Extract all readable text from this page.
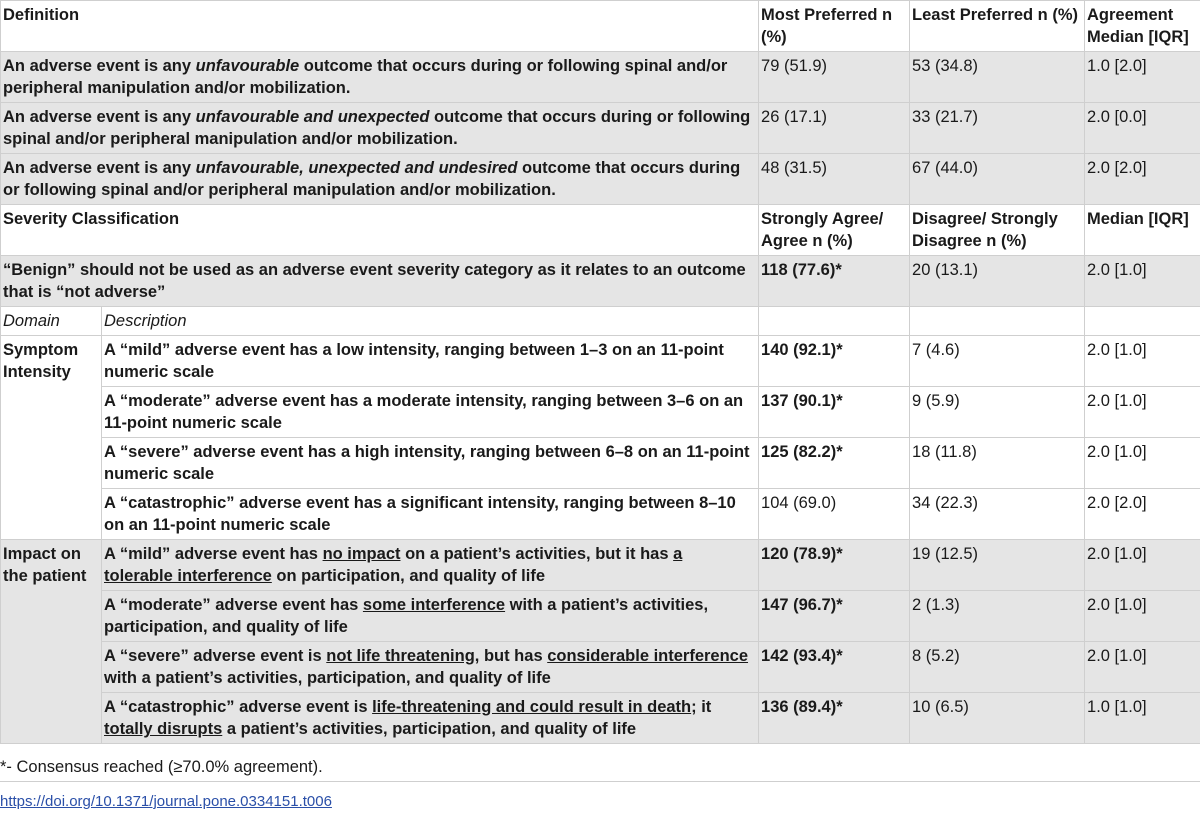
Definition		Most Preferred n (%)	Least Preferred n (%)	Agreement Median [IQR]
An adverse event is any unfavourable outcome that occurs during or following spinal and/or peripheral manipulation and/or mobilization.		79 (51.9)	53 (34.8)	1.0 [2.0]
An adverse event is any unfavourable and unexpected outcome that occurs during or following spinal and/or peripheral manipulation and/or mobilization.		26 (17.1)	33 (21.7)	2.0 [0.0]
An adverse event is any unfavourable, unexpected and undesired outcome that occurs during or following spinal and/or peripheral manipulation and/or mobilization.		48 (31.5)	67 (44.0)	2.0 [2.0]
Severity Classification		Strongly Agree/ Agree n (%)	Disagree/ Strongly Disagree n (%)	Median [IQR]
“Benign” should not be used as an adverse event severity category as it relates to an outcome that is “not adverse”		118 (77.6)*	20 (13.1)	2.0 [1.0]
Domain	Description			
Symptom Intensity	A “mild” adverse event has a low intensity, ranging between 1–3 on an 11-point numeric scale	140 (92.1)*	7 (4.6)	2.0 [1.0]
	A “moderate” adverse event has a moderate intensity, ranging between 3–6 on an 11-point numeric scale	137 (90.1)*	9 (5.9)	2.0 [1.0]
	A “severe” adverse event has a high intensity, ranging between 6–8 on an 11-point numeric scale	125 (82.2)*	18 (11.8)	2.0 [1.0]
	A “catastrophic” adverse event has a significant intensity, ranging between 8–10 on an 11-point numeric scale	104 (69.0)	34 (22.3)	2.0 [2.0]
Impact on the patient	A “mild” adverse event has no impact on a patient’s activities, but it has a tolerable interference on participation, and quality of life	120 (78.9)*	19 (12.5)	2.0 [1.0]
	A “moderate” adverse event has some interference with a patient’s activities, participation, and quality of life	147 (96.7)*	2 (1.3)	2.0 [1.0]
	A “severe” adverse event is not life threatening, but has considerable interference with a patient’s activities, participation, and quality of life	142 (93.4)*	8 (5.2)	2.0 [1.0]
	A “catastrophic” adverse event is life-threatening and could result in death; it totally disrupts a patient’s activities, participation, and quality of life	136 (89.4)*	10 (6.5)	1.0 [1.0]
*- Consensus reached (≥70.0% agreement).
https://doi.org/10.1371/journal.pone.0334151.t006
